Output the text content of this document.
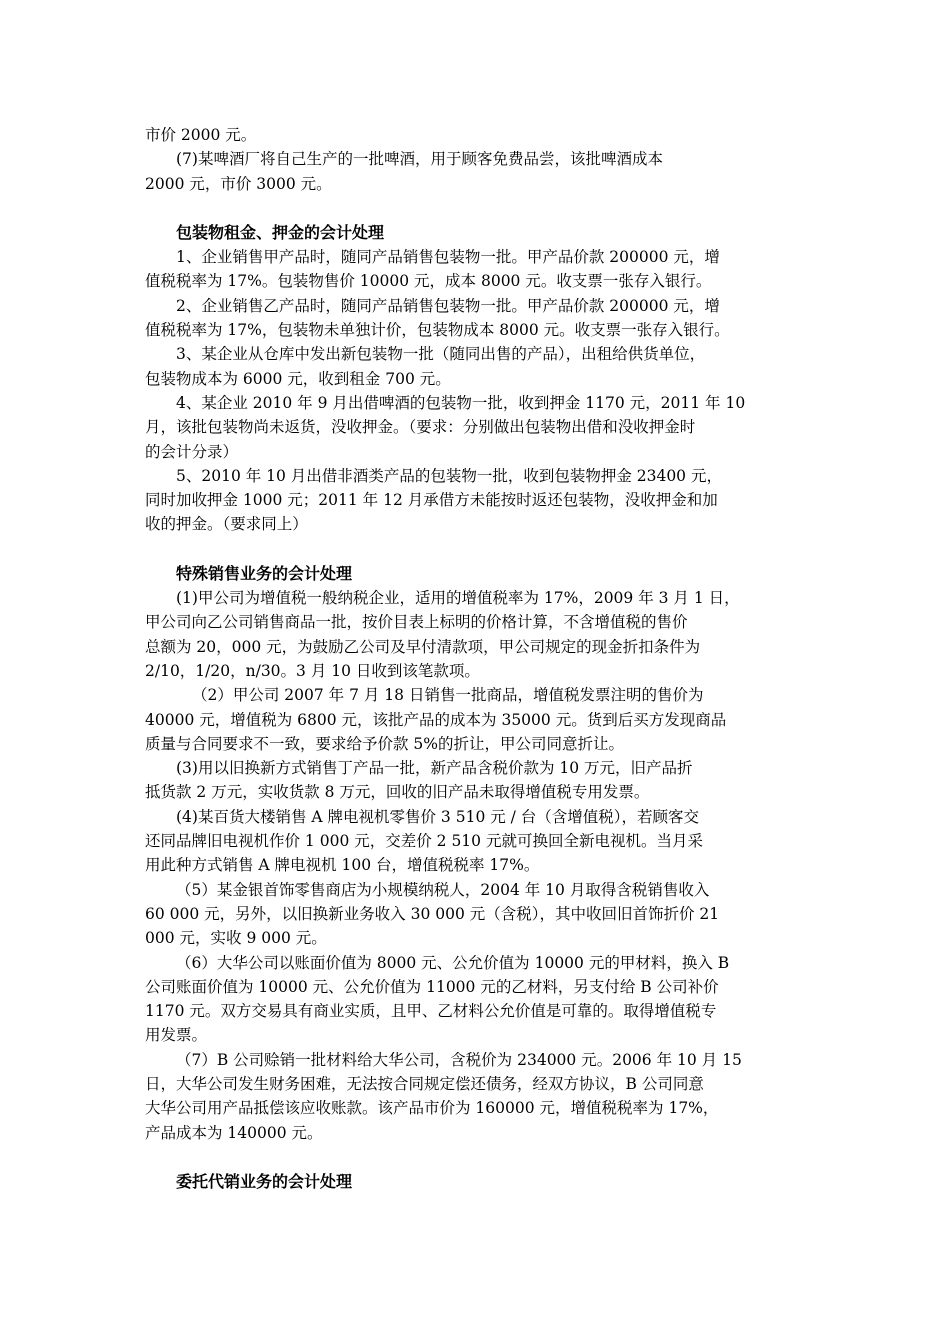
市价 2000 元。
(7)某啤酒厂将自己生产的一批啤酒，用于顾客免费品尝，该批啤酒成本
2000 元，市价 3000 元。
包装物租金、押金的会计处理
1、企业销售甲产品时，随同产品销售包装物一批。甲产品价款 200000 元，增
值税税率为 17%。包装物售价 10000 元，成本 8000 元。收支票一张存入银行。
2、企业销售乙产品时，随同产品销售包装物一批。甲产品价款 200000 元，增
值税税率为 17%，包装物未单独计价，包装物成本 8000 元。收支票一张存入银行。
3、某企业从仓库中发出新包装物一批（随同出售的产品），出租给供货单位，
包装物成本为 6000 元，收到租金 700 元。
4、某企业 2010 年 9 月出借啤酒的包装物一批，收到押金 1170 元，2011 年 10
月，该批包装物尚未返货，没收押金。（要求：分别做出包装物出借和没收押金时
的会计分录）
5、2010 年 10 月出借非酒类产品的包装物一批，收到包装物押金 23400 元，
同时加收押金 1000 元；2011 年 12 月承借方未能按时返还包装物，没收押金和加
收的押金。（要求同上）
特殊销售业务的会计处理
(1)甲公司为增值税一般纳税企业，适用的增值税率为 17%，2009 年 3 月 1 日，
甲公司向乙公司销售商品一批，按价目表上标明的价格计算，不含增值税的售价
总额为 20，000 元，为鼓励乙公司及早付清款项，甲公司规定的现金折扣条件为
2/10，1/20，n/30。3 月 10 日收到该笔款项。
（2）甲公司 2007 年 7 月 18 日销售一批商品，增值税发票注明的售价为
40000 元，增值税为 6800 元，该批产品的成本为 35000 元。货到后买方发现商品
质量与合同要求不一致，要求给予价款 5%的折让，甲公司同意折让。
(3)用以旧换新方式销售丁产品一批，新产品含税价款为 10 万元，旧产品折
抵货款 2 万元，实收货款 8 万元，回收的旧产品未取得增值税专用发票。
(4)某百货大楼销售 A 牌电视机零售价 3 510 元 / 台（含增值税），若顾客交
还同品牌旧电视机作价 1 000 元，交差价 2 510 元就可换回全新电视机。当月采
用此种方式销售 A 牌电视机 100 台，增值税税率 17%。
（5）某金银首饰零售商店为小规模纳税人，2004 年 10 月取得含税销售收入
60 000 元，另外，以旧换新业务收入 30 000 元（含税），其中收回旧首饰折价 21
000 元，实收 9 000 元。
（6）大华公司以账面价值为 8000 元、公允价值为 10000 元的甲材料，换入 B
公司账面价值为 10000 元、公允价值为 11000 元的乙材料，另支付给 B 公司补价
1170 元。双方交易具有商业实质，且甲、乙材料公允价值是可靠的。取得增值税专
用发票。
（7）B 公司赊销一批材料给大华公司，含税价为 234000 元。2006 年 10 月 15
日，大华公司发生财务困难，无法按合同规定偿还债务，经双方协议，B 公司同意
大华公司用产品抵偿该应收账款。该产品市价为 160000 元，增值税税率为 17%，
产品成本为 140000 元。
委托代销业务的会计处理
